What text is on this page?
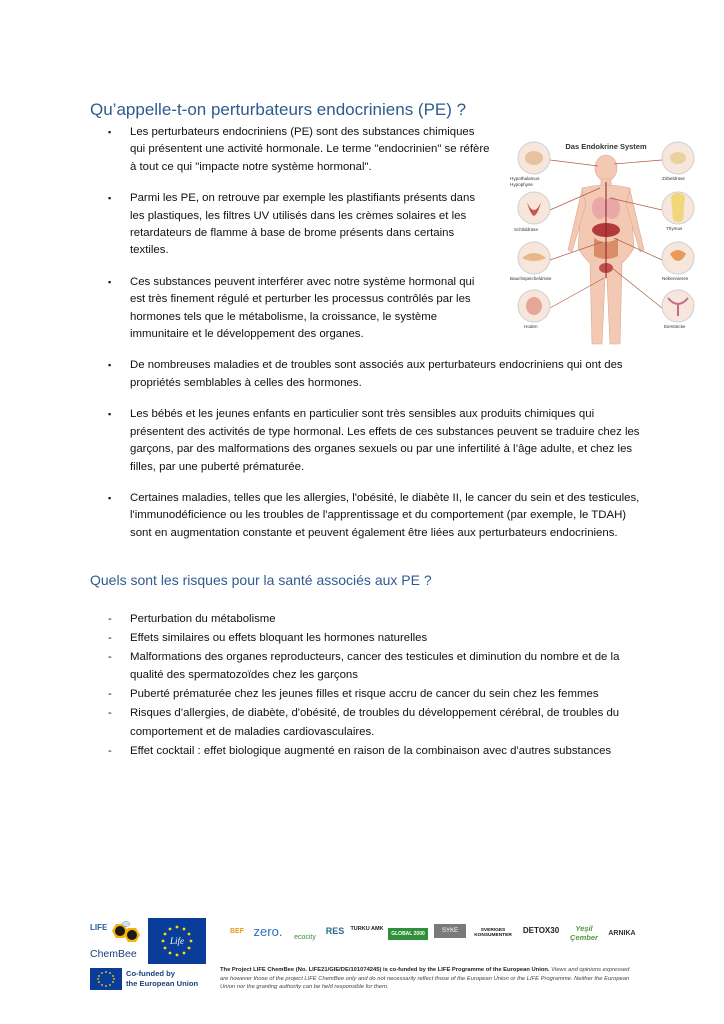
Qu’appelle-t-on perturbateurs endocriniens (PE) ?
▪ Les perturbateurs endocriniens (PE) sont des substances chimiques qui présentent une activité hormonale. Le terme "endocrinien" se réfère à tout ce qui "impacte notre système hormonal".
▪ Parmi les PE, on retrouve par exemple les plastifiants présents dans les plastiques, les filtres UV utilisés dans les crèmes solaires et les retardateurs de flamme à base de brome présents dans certains textiles.
▪ Ces substances peuvent interférer avec notre système hormonal qui est très finement régulé et perturber les processus contrôlés par les hormones tels que le métabolisme, la croissance, le système immunitaire et le développement des organes.
▪ De nombreuses maladies et de troubles sont associés aux perturbateurs endocriniens qui ont des propriétés semblables à celles des hormones.
▪ Les bébés et les jeunes enfants en particulier sont très sensibles aux produits chimiques qui présentent des activités de type hormonal. Les effets de ces substances peuvent se traduire chez les garçons, par des malformations des organes sexuels ou par une infertilité à l’âge adulte, et chez les filles, par une puberté prématurée.
▪ Certaines maladies, telles que les allergies, l'obésité, le diabète II, le cancer du sein et des testicules, l'immunodéficience ou les troubles de l'apprentissage et du comportement (par exemple, le TDAH) sont en augmentation constante et peuvent également être liées aux perturbateurs endocriniens.
Das Endokrine System
Hypothalamus
Hypophyse
Schilddrüse
Bauchspeicheldrüse
Hoden
Zirbeldrüse
Thymus
Nebennieren
Eierstöcke
Quels sont les risques pour la santé associés aux PE ?
- Perturbation du métabolisme
- Effets similaires ou effets bloquant les hormones naturelles
- Malformations des organes reproducteurs, cancer des testicules et diminution du nombre et de la qualité des spermatozoïdes chez les garçons
- Puberté prématurée chez les jeunes filles et risque accru de cancer du sein chez les femmes
- Risques d’allergies, de diabète, d'obésité, de troubles du développement cérébral, de troubles du comportement et de maladies cardiovasculaires.
- Effet cocktail : effet biologique augmenté en raison de la combinaison avec d'autres substances
LIFE
ChemBee
Life
Co-funded by
the European Union
BEF zero.	ecocity
RES	TURKU AMK
GLOBAL 2000	SYKE	SVERIGES KONSUMENTER
DETOX30	Yeşil Çember	ARNIKA
The Project LIFE ChemBee (No. LIFE21/GIE/DE/101074245) is co-funded by the LIFE Programme of the European Union. Views and opinions expressed are however those of the project LIFE ChemBee only and do not necessarily reflect those of the European Union or the LIFE Programme. Neither the European Union nor the granting authority can be held responsible for them.
